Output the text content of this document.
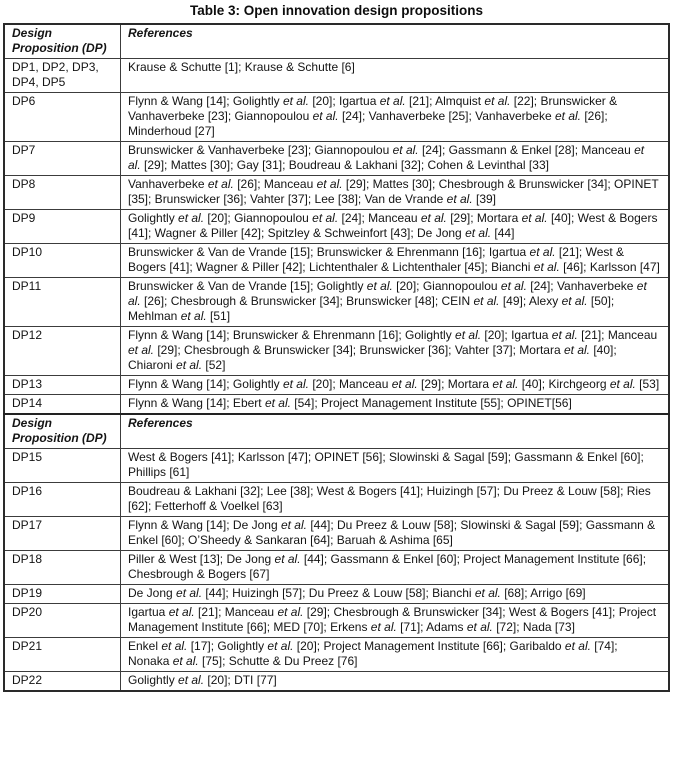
Table 3: Open innovation design propositions
Design Proposition (DP)	References
DP1, DP2, DP3, DP4, DP5	Krause & Schutte [1]; Krause & Schutte [6]
DP6	Flynn & Wang [14]; Golightly et al. [20]; Igartua et al. [21]; Almquist et al. [22]; Brunswicker & Vanhaverbeke [23]; Giannopoulou et al. [24]; Vanhaverbeke [25]; Vanhaverbeke et al. [26]; Minderhoud [27]
DP7	Brunswicker & Vanhaverbeke [23]; Giannopoulou et al. [24]; Gassmann & Enkel [28]; Manceau et al. [29]; Mattes [30]; Gay [31]; Boudreau & Lakhani [32]; Cohen & Levinthal [33]
DP8	Vanhaverbeke et al. [26]; Manceau et al. [29]; Mattes [30]; Chesbrough & Brunswicker [34]; OPINET [35]; Brunswicker [36]; Vahter [37]; Lee [38]; Van de Vrande et al. [39]
DP9	Golightly et al. [20]; Giannopoulou et al. [24]; Manceau et al. [29]; Mortara et al. [40]; West & Bogers [41]; Wagner & Piller [42]; Spitzley & Schweinfort [43]; De Jong et al. [44]
DP10	Brunswicker & Van de Vrande [15]; Brunswicker & Ehrenmann [16]; Igartua et al. [21]; West & Bogers [41]; Wagner & Piller [42]; Lichtenthaler & Lichtenthaler [45]; Bianchi et al. [46]; Karlsson [47]
DP11	Brunswicker & Van de Vrande [15]; Golightly et al. [20]; Giannopoulou et al. [24]; Vanhaverbeke et al. [26]; Chesbrough & Brunswicker [34]; Brunswicker [48]; CEIN et al. [49]; Alexy et al. [50]; Mehlman et al. [51]
DP12	Flynn & Wang [14]; Brunswicker & Ehrenmann [16]; Golightly et al. [20]; Igartua et al. [21]; Manceau et al. [29]; Chesbrough & Brunswicker [34]; Brunswicker [36]; Vahter [37]; Mortara et al. [40]; Chiaroni et al. [52]
DP13	Flynn & Wang [14]; Golightly et al. [20]; Manceau et al. [29]; Mortara et al. [40]; Kirchgeorg et al. [53]
DP14	Flynn & Wang [14]; Ebert et al. [54]; Project Management Institute [55]; OPINET[56]
Design Proposition (DP)	References
DP15	West & Bogers [41]; Karlsson [47]; OPINET [56]; Slowinski & Sagal [59]; Gassmann & Enkel [60]; Phillips [61]
DP16	Boudreau & Lakhani [32]; Lee [38]; West & Bogers [41]; Huizingh [57]; Du Preez & Louw [58]; Ries [62]; Fetterhoff & Voelkel [63]
DP17	Flynn & Wang [14]; De Jong et al. [44]; Du Preez & Louw [58]; Slowinski & Sagal [59]; Gassmann & Enkel [60]; O’Sheedy & Sankaran [64]; Baruah & Ashima [65]
DP18	Piller & West [13]; De Jong et al. [44]; Gassmann & Enkel [60]; Project Management Institute [66]; Chesbrough & Bogers [67]
DP19	De Jong et al. [44]; Huizingh [57]; Du Preez & Louw [58]; Bianchi et al. [68]; Arrigo [69]
DP20	Igartua et al. [21]; Manceau et al. [29]; Chesbrough & Brunswicker [34]; West & Bogers [41]; Project Management Institute [66]; MED [70]; Erkens et al. [71]; Adams et al. [72]; Nada [73]
DP21	Enkel et al. [17]; Golightly et al. [20]; Project Management Institute [66]; Garibaldo et al. [74]; Nonaka et al. [75]; Schutte & Du Preez [76]
DP22	Golightly et al. [20]; DTI [77]
